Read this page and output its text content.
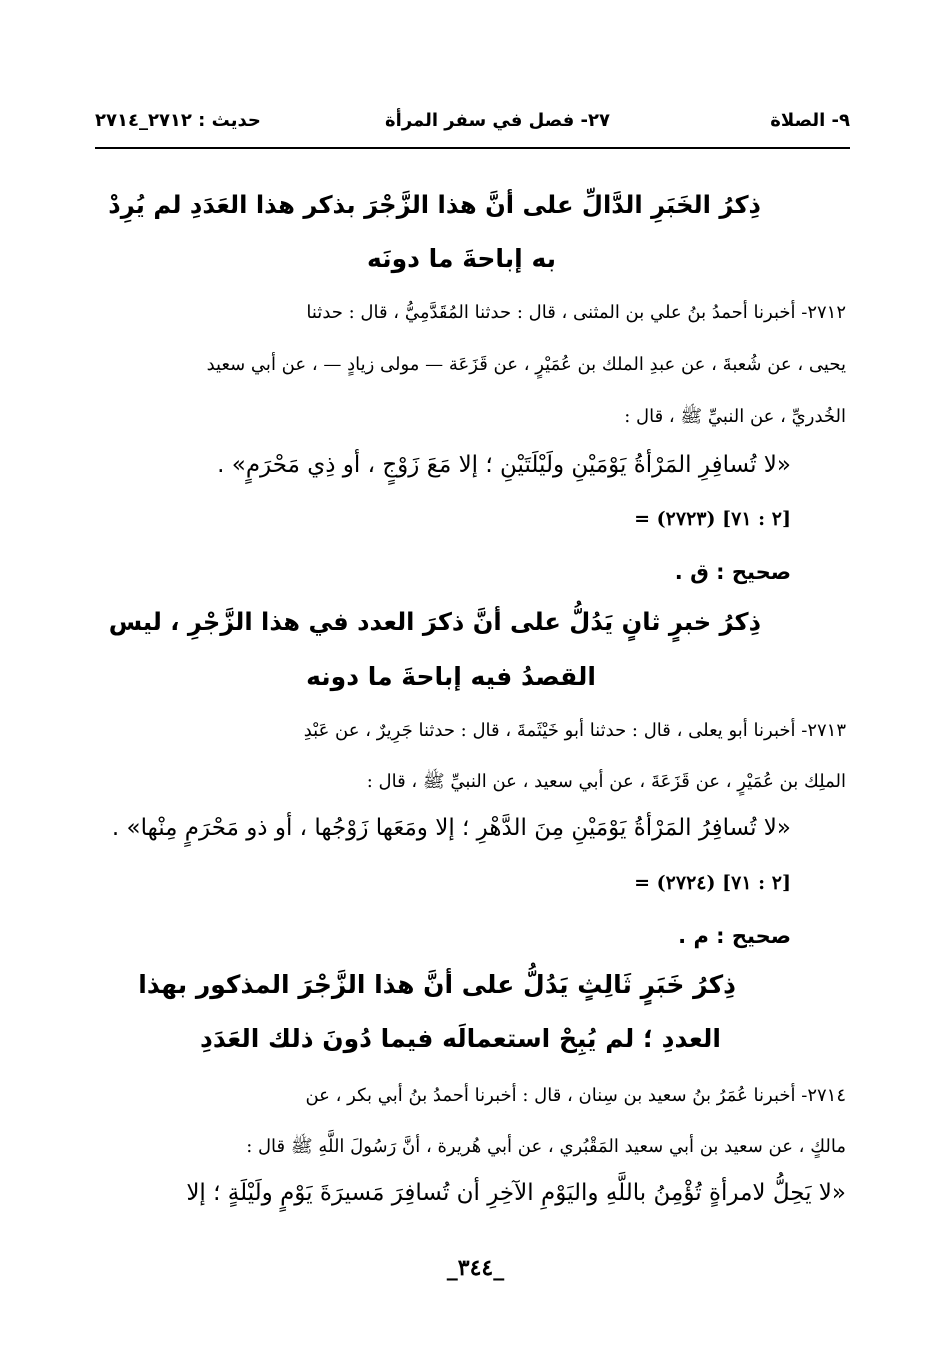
٩- الصلاة
٢٧- فصل في سفر المرأة
حديث : ٢٧١٢_٢٧١٤
ذِكرُ الخَبَرِ الدَّالِّ على أنَّ هذا الزَّجْرَ بذكر هذا العَدَدِ لم يُرِدْ
به إباحةَ ما دونَه
٢٧١٢- أخبرنا أحمدُ بنُ علي بن المثنى ، قال : حدثنا المُقَدَّمِيُّ ، قال : حدثنا
يحيى ، عن شُعبةَ ، عن عبدِ الملك بن عُمَيْرٍ ، عن قَزَعَة — مولى زيادٍ — ، عن أبي سعيد
الخُدريِّ ، عن النبيِّ ﷺ ، قال :
«لا تُسافِرِ المَرْأةُ يَوْمَيْنِ ولَيْلَتَيْنِ ؛ إلا مَعَ زَوْجٍ ، أو ذِي مَحْرَمٍ» .
= (٢٧٢٣) [٢ : ٧١]
صحيح : ق .
ذِكرُ خبرٍ ثانٍ يَدُلُّ على أنَّ ذكرَ العدد في هذا الزَّجْرِ ، ليس
القصدُ فيه إباحةَ ما دونه
٢٧١٣- أخبرنا أبو يعلى ، قال : حدثنا أبو خَيْثَمةَ ، قال : حدثنا جَرِيرٌ ، عن عَبْدِ
الملِك بن عُمَيْرٍ ، عن قَزَعَةَ ، عن أبي سعيد ، عن النبيِّ ﷺ ، قال :
«لا تُسافِرُ المَرْأةُ يَوْمَيْنِ مِنَ الدَّهْرِ ؛ إلا ومَعَها زَوْجُها ، أو ذو مَحْرَمٍ مِنْها» .
= (٢٧٢٤) [٢ : ٧١]
صحيح : م .
ذِكرُ خَبَرٍ ثَالِثٍ يَدُلُّ على أنَّ هذا الزَّجْرَ المذكور بهذا
العددِ ؛ لم يُبِحْ استعمالَه فيما دُونَ ذلك العَدَدِ
٢٧١٤- أخبرنا عُمَرُ بنُ سعيد بن سِنان ، قال : أخبرنا أحمدُ بنُ أبي بكر ، عن
مالكٍ ، عن سعيد بن أبي سعيد المَقْبُري ، عن أبي هُريرة ، أنَّ رَسُولَ اللَّهِ ﷺ قال :
«لا يَحِلُّ لامرأةٍ تُؤْمِنُ باللَّهِ واليَوْمِ الآخِرِ أن تُسافِرَ مَسيرَةَ يَوْمٍ ولَيْلَةٍ ؛ إلا
_٣٤٤_
